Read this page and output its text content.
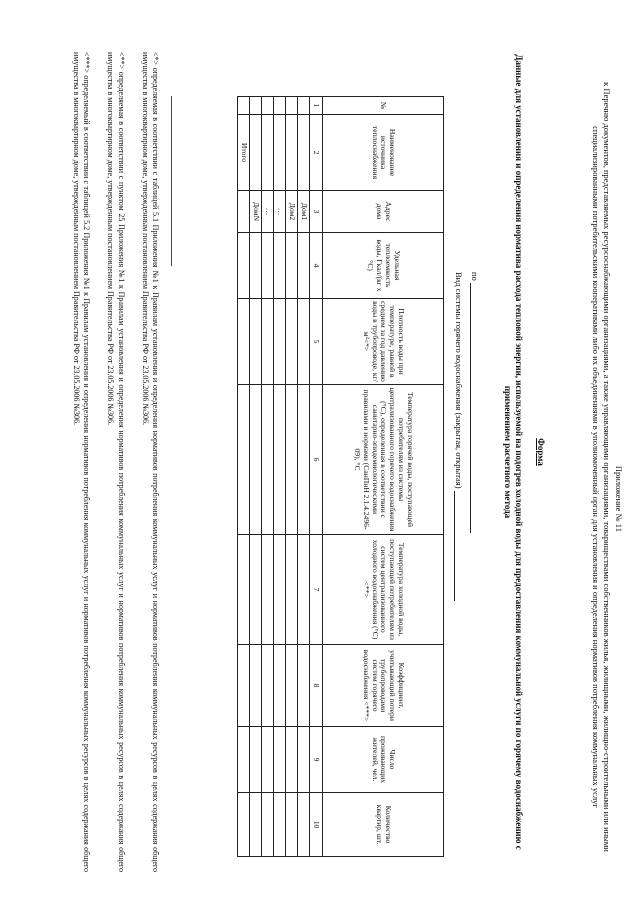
Приложение № 11
к Перечню документов, представляемых ресурсоснабжающими организациями, а также управляющими организациями, товариществами собственников жилья, жилищными, жилищно-строительными или иными специализированными потребительскими кооперативами либо их объединениями в уполномоченный орган для установления и определения нормативов потребления коммунальных услуг
Форма
Данные для установления и определения норматива расхода тепловой энергии, используемой на подогрев холодной воды для предоставления коммунальной услуги по горячему водоснабжению с применением расчетного метода
по
Вид системы горячего водоснабжения (закрытая, открытая)
№	Наименование источника теплоснабжения	Адрес дома	Удельная теплоемкость воды, Гкал/(кг х °С)	Плотность воды при температуре, равной в среднем за год давлению воды в трубопроводе, кг/м³<*>	Температура горячей воды, поступающей потребителям из системы централизованного горячего водоснабжения (°С), определенная в соответствии с санитарно-эпидемиологическими правилами и нормами (СанПиН 2.1.4.2496-09), °С	Температура холодной воды, поступающей потребителям из систем централизованного холодного водоснабжения (°С) <**>	Коэффициент, учитывающий потери трубопроводами систем горячего водоснабжения <***>	Число проживающих жителей, чел.	Количество квартир, шт.
1	2	3	4	5	6	7	8	9	10
		Дом1							
		Дом2							
		…							
		…							
		ДомN							
	Итого								

<*> определяемая в соответствии с таблицей 5.1 Приложения №1 к Правилам установления и определения нормативов потребления коммунальных услуг и нормативов потребления коммунальных ресурсов в целях содержания общего имущества в многоквартирном доме, утвержденным постановлением Правительства РФ от 23.05.2006 №306.

<**> определяемая в соответствии с пунктом 25 Приложения №1 к Правилам установления и определения нормативов потребления коммунальных услуг и нормативов потребления коммунальных ресурсов в целях содержания общего имущества в многоквартирном доме, утвержденным постановлением Правительства РФ от 23.05.2006 №306.

<***> определяемый в соответствии с таблицей 5.2 Приложения №1 к Правилам установления и определения нормативов потребления коммунальных услуг и нормативов потребления коммунальных ресурсов в целях содержания общего имущества в многоквартирном доме, утвержденным постановлением Правительства РФ от 23.05.2006 №306.
